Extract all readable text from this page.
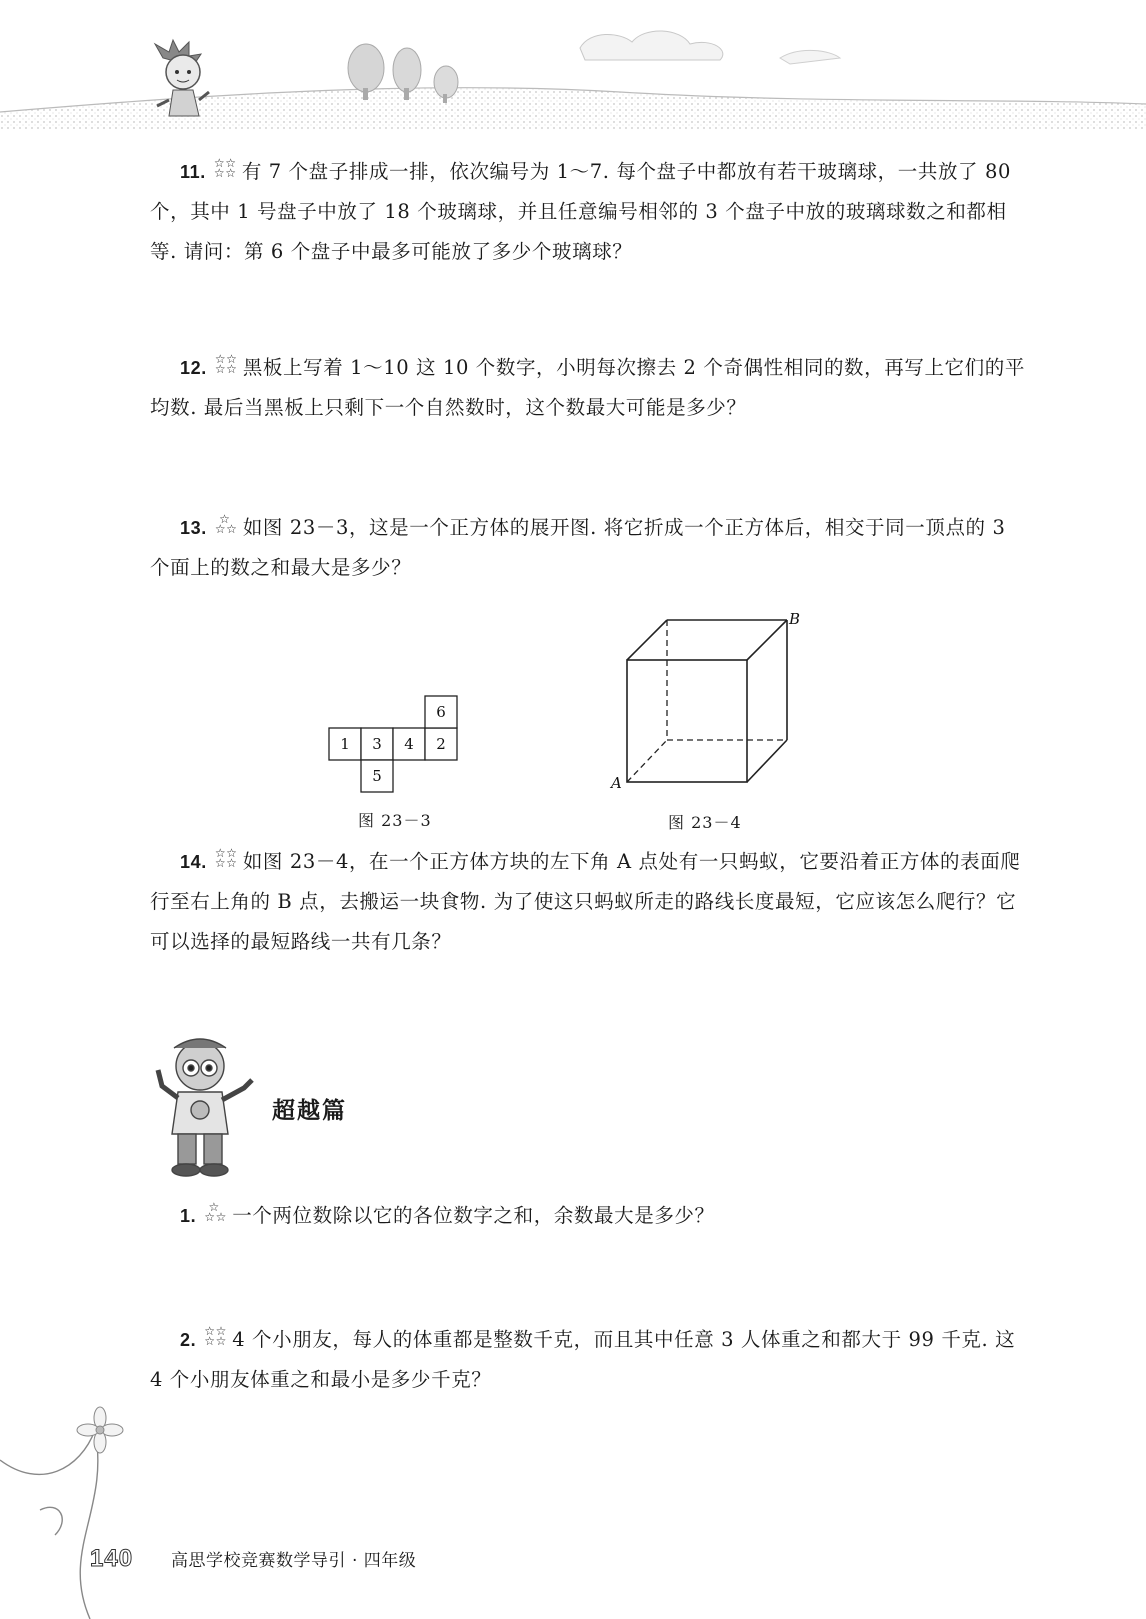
11. ☆☆
☆☆ 有 7 个盘子排成一排，依次编号为 1～7. 每个盘子中都放有若干玻璃球，一共放了 80 个，其中 1 号盘子中放了 18 个玻璃球，并且任意编号相邻的 3 个盘子中放的玻璃球数之和都相等. 请问：第 6 个盘子中最多可能放了多少个玻璃球？
12. ☆☆
☆☆ 黑板上写着 1～10 这 10 个数字，小明每次擦去 2 个奇偶性相同的数，再写上它们的平均数. 最后当黑板上只剩下一个自然数时，这个数最大可能是多少？
13.	☆
☆☆ 如图 23－3，这是一个正方体的展开图. 将它折成一个正方体后，相交于同一顶点的 3 个面上的数之和最大是多少？
1 3 4 2
6
5
图 23－3
A
B
图 23－4
14. ☆☆
☆☆ 如图 23－4，在一个正方体方块的左下角 A 点处有一只蚂蚁，它要沿着正方体的表面爬行至右上角的 B 点，去搬运一块食物. 为了使这只蚂蚁所走的路线长度最短，它应该怎么爬行？它可以选择的最短路线一共有几条？
超越篇
1.	☆
☆☆ 一个两位数除以它的各位数字之和，余数最大是多少？
2. ☆☆
☆☆ 4 个小朋友，每人的体重都是整数千克，而且其中任意 3 人体重之和都大于 99 千克. 这 4 个小朋友体重之和最小是多少千克？
140 高思学校竞赛数学导引 · 四年级
